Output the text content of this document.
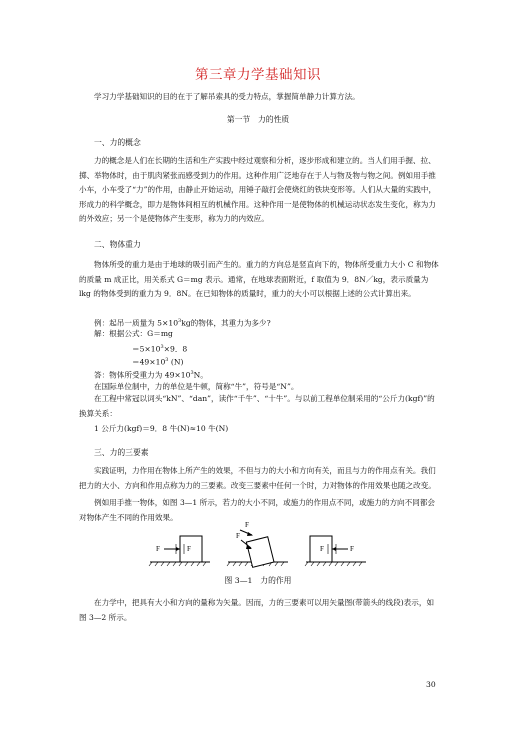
第三章力学基础知识

学习力学基础知识的目的在于了解吊索具的受力特点，掌握简单静力计算方法。

第一节　力的性质
一、力的概念

力的概念是人们在长期的生活和生产实践中经过观察和分析，逐步形成和建立的。当人们用手握、拉、掷、举物体时，由于肌肉紧张而感受到力的作用。这种作用广泛地存在于人与物及物与物之间。例如用手推小车，小车受了“力”的作用，由静止开始运动，用锤子敲打会使烧红的铁块变形等。人们从大量的实践中，形成力的科学概念，即力是物体间相互的机械作用。这种作用一是使物体的机械运动状态发生变化，称为力的外效应；另一个是使物体产生变形，称为力的内效应。

二、物体重力

物体所受的重力是由于地球的吸引而产生的。重力的方向总是竖直向下的，物体所受重力大小 C 和物体的质量 m 成正比，用关系式 G＝mg 表示。通常，在地球表面附近，f 取值为 9．8N／kg，表示质量为 lkg 的物体受到的重力为 9．8N。在已知物体的质量时，重力的大小可以根据上述的公式计算出来。

例：起吊一质量为 $5\times 10^3kg$的物体，其重力为多少?
解：根据公式：G＝mg
$=5\times 10^3\times 9$．8
$=49\times 10^3$ (N)
答：物体所受重力为 $49\times 10^3N$。
在国际单位制中，力的单位是牛顿，简称“牛”，符号是“N”。

在工程中常冠以词头“kN”、“dan”，读作“千牛”、“十牛”。与以前工程单位制采用的“公斤力(kgf)”的换算关系：

1 公斤力(kgf)＝9．8 牛(N)≈10 牛(N)
三、力的三要素

实践证明，力作用在物体上所产生的效果，不但与力的大小和方向有关，而且与力的作用点有关。我们把力的大小、方向和作用点称为力的三要素。改变三要素中任何一个时，力对物体的作用效果也随之改变。

例如用手推一物体，如图 3—1 所示，若力的大小不同，或施力的作用点不同，或施力的方向不同都会对物体产生不同的作用效果。

F	F
F
F
F	F
图 3—1　力的作用

在力学中，把具有大小和方向的量称为矢量。因而，力的三要素可以用矢量图(带箭头的线段)表示，如图 3—2 所示。

30
